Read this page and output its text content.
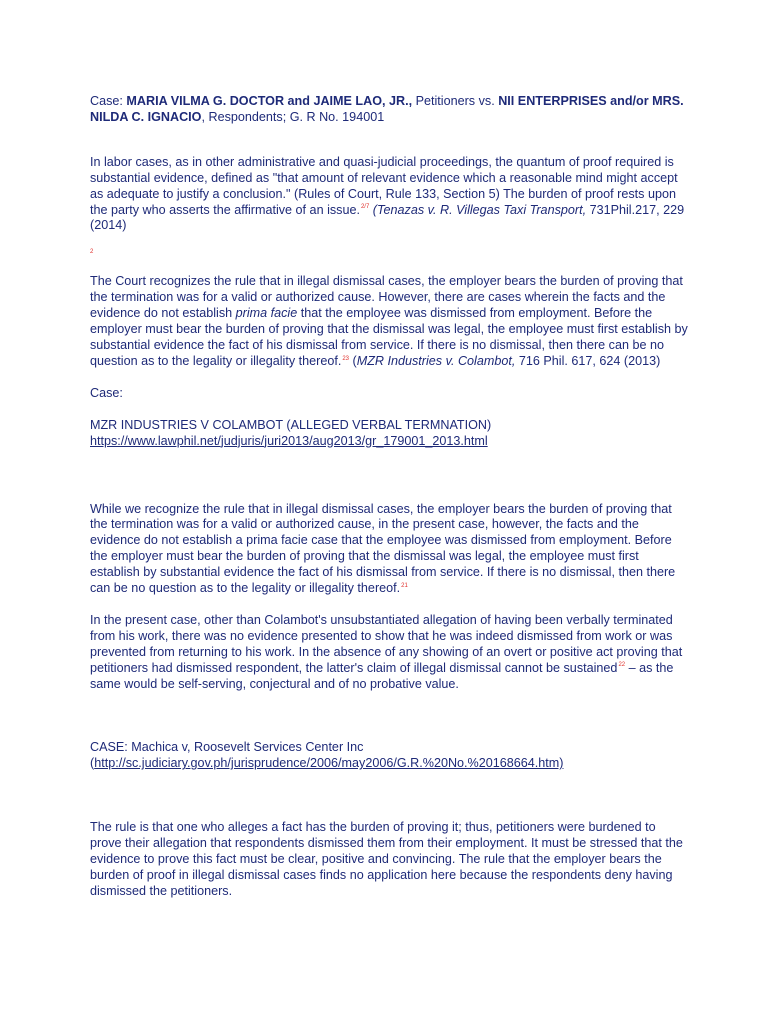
Case: MARIA VILMA G. DOCTOR and JAIME LAO, JR., Petitioners vs. NII ENTERPRISES and/or MRS. NILDA C. IGNACIO, Respondents; G. R No. 194001

In labor cases, as in other administrative and quasi-judicial proceedings, the quantum of proof required is substantial evidence, defined as "that amount of relevant evidence which a reasonable mind might accept as adequate to justify a conclusion." (Rules of Court, Rule 133, Section 5) The burden of proof rests upon the party who asserts the affirmative of an issue.$^{2/7}$ (Tenazas v. R. Villegas Taxi Transport, 731Phil.217, 229 (2014)

2

The Court recognizes the rule that in illegal dismissal cases, the employer bears the burden of proving that the termination was for a valid or authorized cause. However, there are cases wherein the facts and the evidence do not establish prima facie that the employee was dismissed from employment. Before the employer must bear the burden of proving that the dismissal was legal, the employee must first establish by substantial evidence the fact of his dismissal from service. If there is no dismissal, then there can be no question as to the legality or illegality thereof.$^{23}$ (MZR Industries v. Colambot, 716 Phil. 617, 624 (2013)

Case:

MZR INDUSTRIES V COLAMBOT (ALLEGED VERBAL TERMNATION)

https://www.lawphil.net/judjuris/juri2013/aug2013/gr_179001_2013.html

While we recognize the rule that in illegal dismissal cases, the employer bears the burden of proving that the termination was for a valid or authorized cause, in the present case, however, the facts and the evidence do not establish a prima facie case that the employee was dismissed from employment. Before the employer must bear the burden of proving that the dismissal was legal, the employee must first establish by substantial evidence the fact of his dismissal from service. If there is no dismissal, then there can be no question as to the legality or illegality thereof.$^{21}$

In the present case, other than Colambot's unsubstantiated allegation of having been verbally terminated from his work, there was no evidence presented to show that he was indeed dismissed from work or was prevented from returning to his work. In the absence of any showing of an overt or positive act proving that petitioners had dismissed respondent, the latter's claim of illegal dismissal cannot be sustained$^{22}$ – as the same would be self-serving, conjectural and of no probative value.

CASE: Machica v, Roosevelt Services Center Inc

(http://sc.judiciary.gov.ph/jurisprudence/2006/may2006/G.R.%20No.%20168664.htm)

The rule is that one who alleges a fact has the burden of proving it; thus, petitioners were burdened to prove their allegation that respondents dismissed them from their employment. It must be stressed that the evidence to prove this fact must be clear, positive and convincing. The rule that the employer bears the burden of proof in illegal dismissal cases finds no application here because the respondents deny having dismissed the petitioners.
